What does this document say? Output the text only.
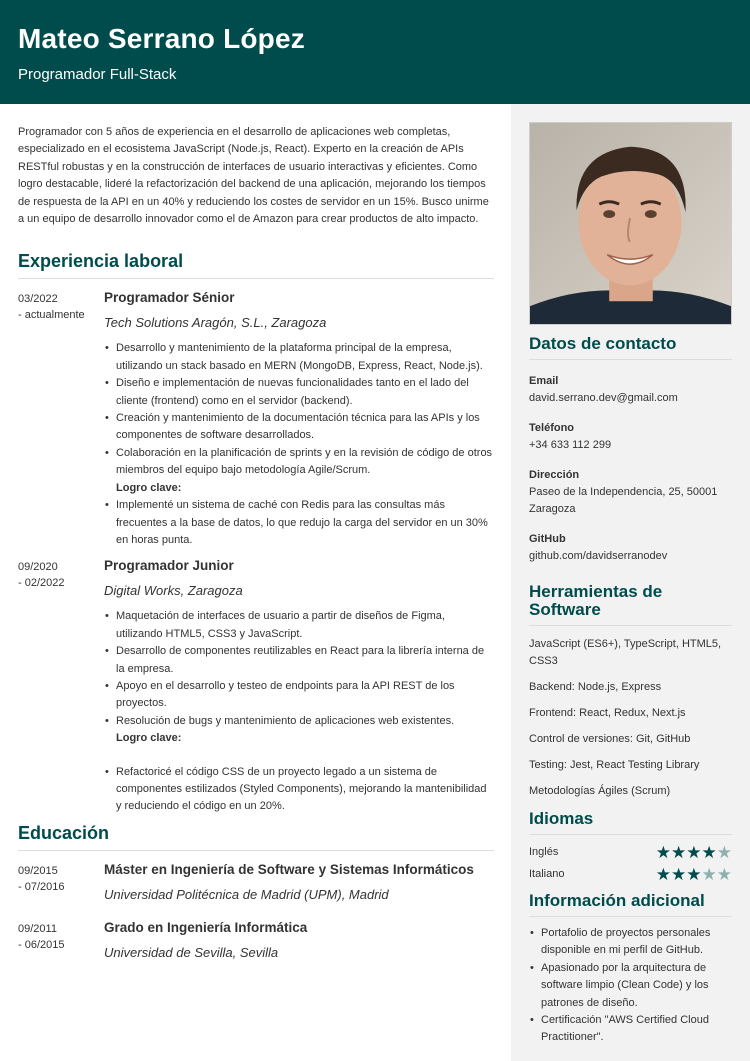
Mateo Serrano López
Programador Full-Stack

Programador con 5 años de experiencia en el desarrollo de aplicaciones web completas, especializado en el ecosistema JavaScript (Node.js, React). Experto en la creación de APIs RESTful robustas y en la construcción de interfaces de usuario interactivas y eficientes. Como logro destacable, lideré la refactorización del backend de una aplicación, mejorando los tiempos de respuesta de la API en un 40% y reduciendo los costes de servidor en un 15%. Busco unirme a un equipo de desarrollo innovador como el de Amazon para crear productos de alto impacto.

Experiencia laboral
03/2022
- actualmente
Programador Sénior
Tech Solutions Aragón, S.L., Zaragoza
• Desarrollo y mantenimiento de la plataforma principal de la empresa, utilizando un stack basado en MERN (MongoDB, Express, React, Node.js).
• Diseño e implementación de nuevas funcionalidades tanto en el lado del cliente (frontend) como en el servidor (backend).
• Creación y mantenimiento de la documentación técnica para las APIs y los componentes de software desarrollados.
• Colaboración en la planificación de sprints y en la revisión de código de otros miembros del equipo bajo metodología Agile/Scrum.
Logro clave:
• Implementé un sistema de caché con Redis para las consultas más frecuentes a la base de datos, lo que redujo la carga del servidor en un 30% en horas punta.
09/2020
- 02/2022
Programador Junior
Digital Works, Zaragoza
• Maquetación de interfaces de usuario a partir de diseños de Figma, utilizando HTML5, CSS3 y JavaScript.
• Desarrollo de componentes reutilizables en React para la librería interna de la empresa.
• Apoyo en el desarrollo y testeo de endpoints para la API REST de los proyectos.
• Resolución de bugs y mantenimiento de aplicaciones web existentes.
Logro clave:
• Refactoricé el código CSS de un proyecto legado a un sistema de componentes estilizados (Styled Components), mejorando la mantenibilidad y reduciendo el código en un 20%.
Educación
09/2015
- 07/2016
Máster en Ingeniería de Software y Sistemas Informáticos
Universidad Politécnica de Madrid (UPM), Madrid
09/2011
- 06/2015
Grado en Ingeniería Informática
Universidad de Sevilla, Sevilla
Datos de contacto
Email
david.serrano.dev@gmail.com
Teléfono
+34 633 112 299
Dirección
Paseo de la Independencia, 25, 50001 Zaragoza
GitHub
github.com/davidserranodev
Herramientas de Software
JavaScript (ES6+), TypeScript, HTML5, CSS3
Backend: Node.js, Express
Frontend: React, Redux, Next.js
Control de versiones: Git, GitHub
Testing: Jest, React Testing Library
Metodologías Ágiles (Scrum)
Idiomas
Inglés	★★★★★
Italiano	★★★★★
Información adicional
• Portafolio de proyectos personales disponible en mi perfil de GitHub.
• Apasionado por la arquitectura de software limpio (Clean Code) y los patrones de diseño.
• Certificación "AWS Certified Cloud Practitioner".
